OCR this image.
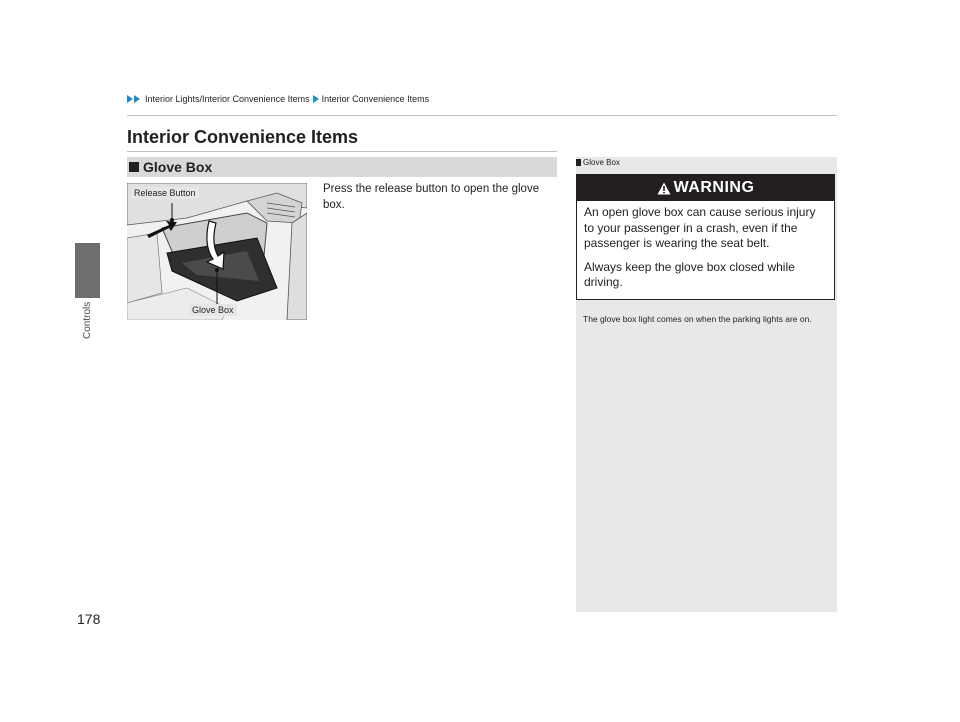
Controls
178
Interior Lights/Interior Convenience Items Interior Convenience Items
Interior Convenience Items
Glove Box
Release Button
Glove Box
Press the release button to open the glove box.
Glove Box
WARNING

An open glove box can cause serious injury to your passenger in a crash, even if the passenger is wearing the seat belt.

Always keep the glove box closed while driving.

The glove box light comes on when the parking lights are on.
